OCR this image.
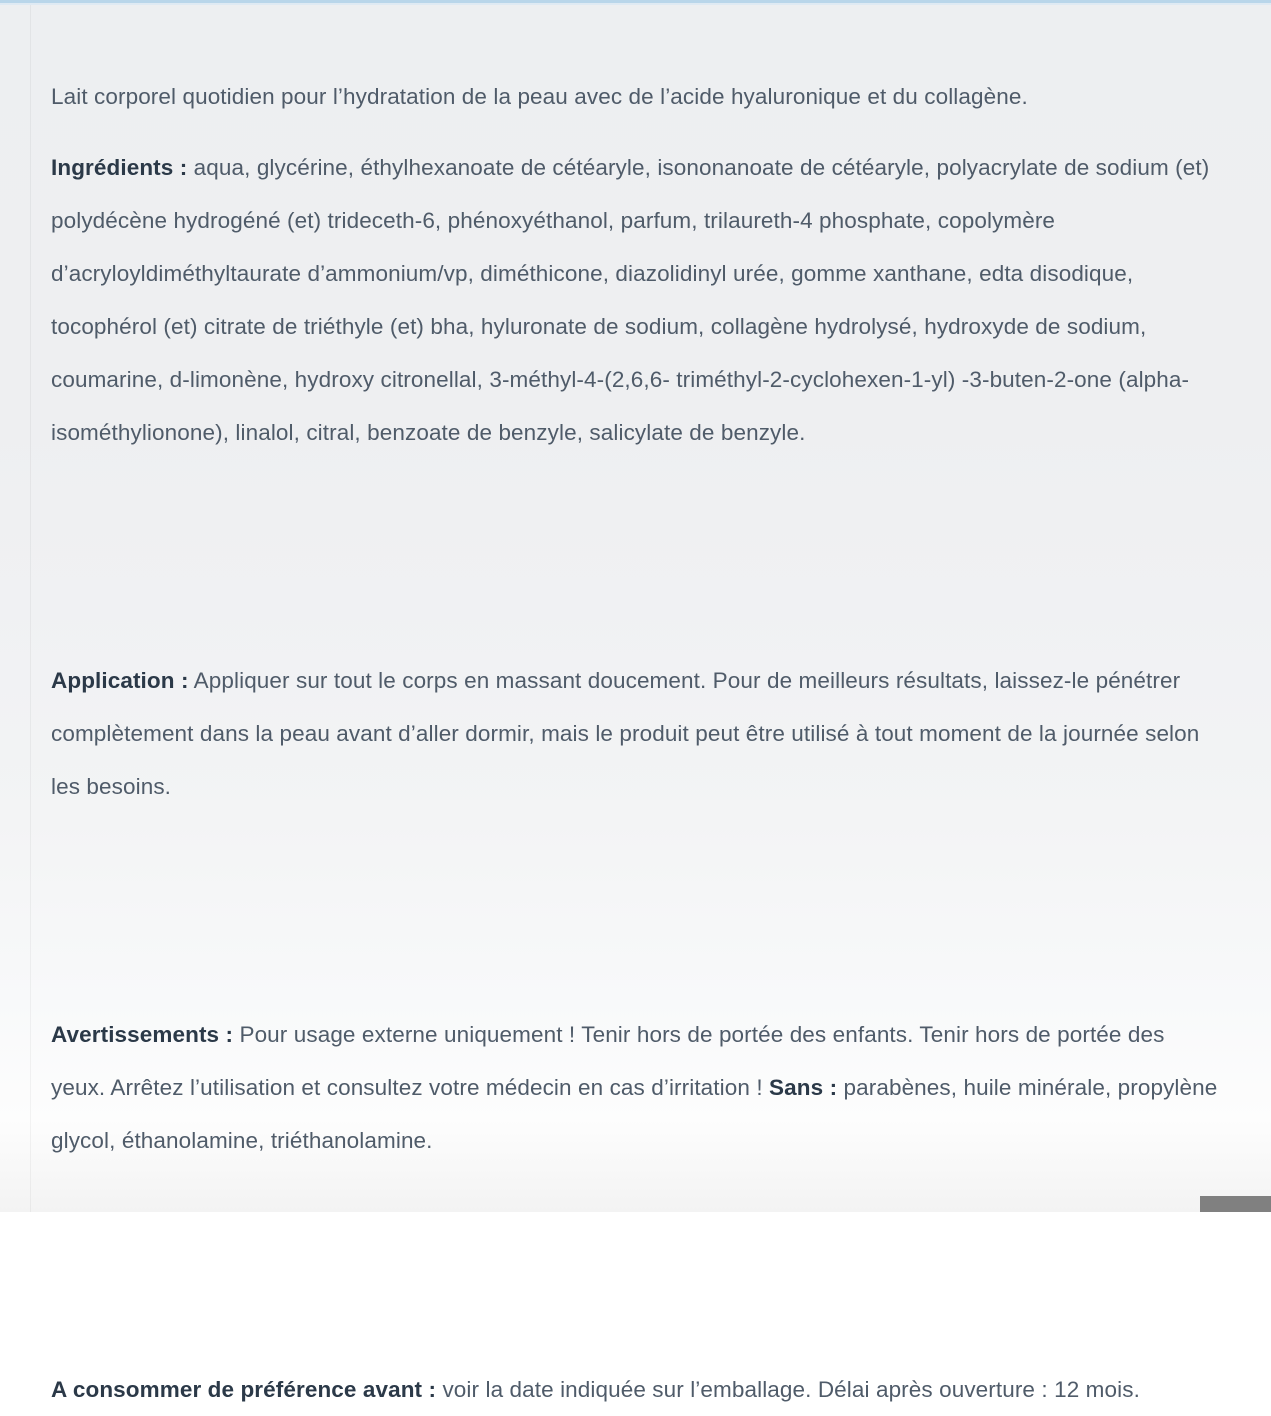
Lait corporel quotidien pour l’hydratation de la peau avec de l’acide hyaluronique et du collagène.

Ingrédients : aqua, glycérine, éthylhexanoate de cétéaryle, isononanoate de cétéaryle, polyacrylate de sodium (et) polydécène hydrogéné (et) trideceth-6, phénoxyéthanol, parfum, trilaureth-4 phosphate, copolymère d’acryloyldiméthyltaurate d’ammonium/vp, diméthicone, diazolidinyl urée, gomme xanthane, edta disodique, tocophérol (et) citrate de triéthyle (et) bha, hyluronate de sodium, collagène hydrolysé, hydroxyde de sodium, coumarine, d-limonène, hydroxy citronellal, 3-méthyl-4-(2,6,6- triméthyl-2-cyclohexen-1-yl) -3-buten-2-one (alpha-isométhylionone), linalol, citral, benzoate de benzyle, salicylate de benzyle.

Application : Appliquer sur tout le corps en massant doucement. Pour de meilleurs résultats, laissez-le pénétrer complètement dans la peau avant d’aller dormir, mais le produit peut être utilisé à tout moment de la journée selon les besoins.

Avertissements : Pour usage externe uniquement ! Tenir hors de portée des enfants. Tenir hors de portée des yeux. Arrêtez l’utilisation et consultez votre médecin en cas d’irritation ! Sans : parabènes, huile minérale, propylène glycol, éthanolamine, triéthanolamine.

A consommer de préférence avant : voir la date indiquée sur l’emballage. Délai après ouverture : 12 mois.
